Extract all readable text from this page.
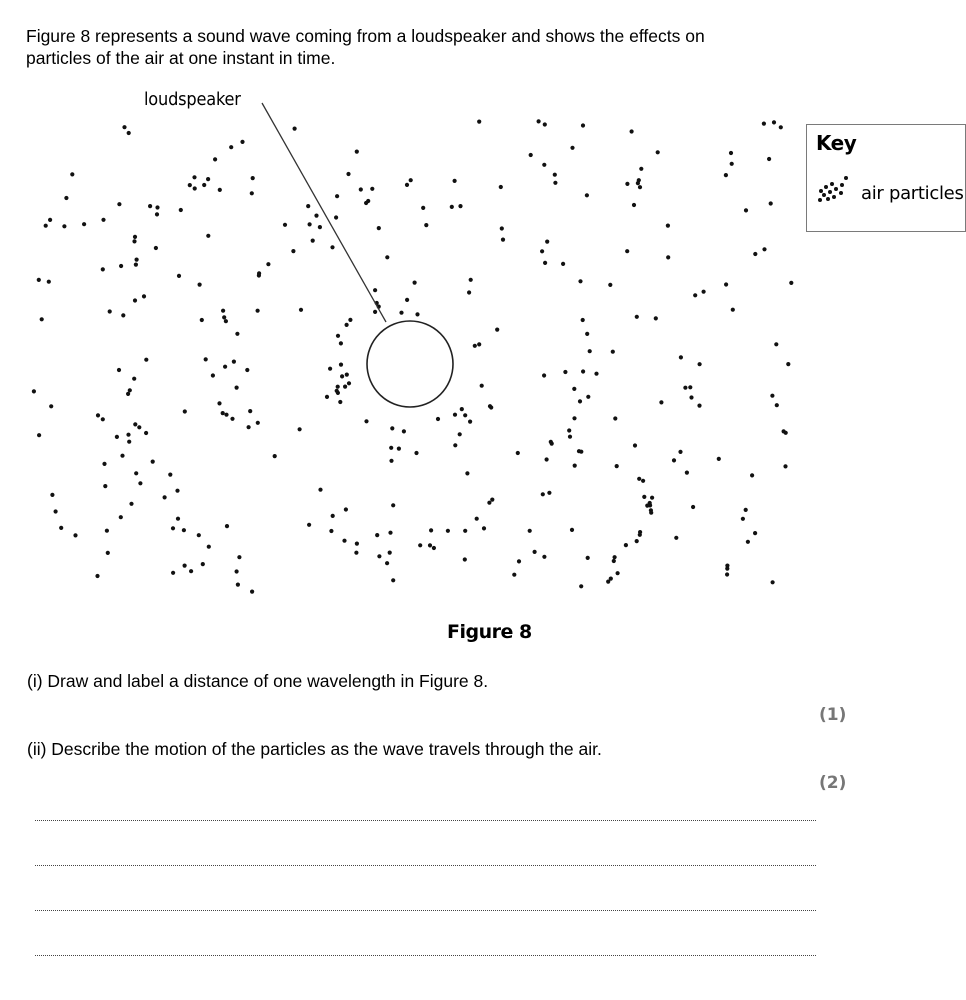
Figure 8 represents a sound wave coming from a loudspeaker and shows the effects on
particles of the air at one instant in time.

loudspeaker
Key
air particles
Figure 8

(i) Draw and label a distance of one wavelength in Figure 8.

(1)

(ii) Describe the motion of the particles as the wave travels through the air.

(2)
